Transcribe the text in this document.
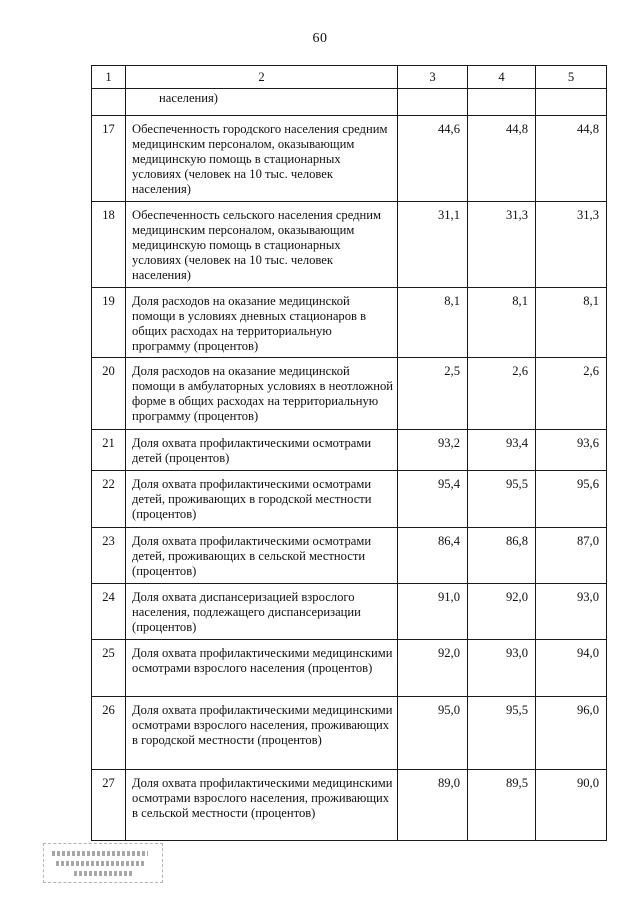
60
1	2	3	4	5
	населения)			
17	Обеспеченность городского населения средним медицинским персоналом, оказывающим медицинскую помощь в стационарных условиях (человек на 10 тыс. человек населения)	44,6	44,8	44,8
18	Обеспеченность сельского населения средним медицинским персоналом, оказывающим медицинскую помощь в стационарных условиях (человек на 10 тыс. человек населения)	31,1	31,3	31,3
19	Доля расходов на оказание медицинской помощи в условиях дневных стационаров в общих расходах на территориальную программу (процентов)	8,1	8,1	8,1
20	Доля расходов на оказание медицинской помощи в амбулаторных условиях в неотложной форме в общих расходах на территориальную программу (процентов)	2,5	2,6	2,6
21	Доля охвата профилактическими осмотрами детей (процентов)	93,2	93,4	93,6
22	Доля охвата профилактическими осмотрами детей, проживающих в городской местности (процентов)	95,4	95,5	95,6
23	Доля охвата профилактическими осмотрами детей, проживающих в сельской местности (процентов)	86,4	86,8	87,0
24	Доля охвата диспансеризацией взрослого населения, подлежащего диспансеризации (процентов)	91,0	92,0	93,0
25	Доля охвата профилактическими медицинскими осмотрами взрослого населения (процентов)	92,0	93,0	94,0
26	Доля охвата профилактическими медицинскими осмотрами взрослого населения, проживающих в городской местности (процентов)	95,0	95,5	96,0
27	Доля охвата профилактическими медицинскими осмотрами взрослого населения, проживающих в сельской местности (процентов)	89,0	89,5	90,0
